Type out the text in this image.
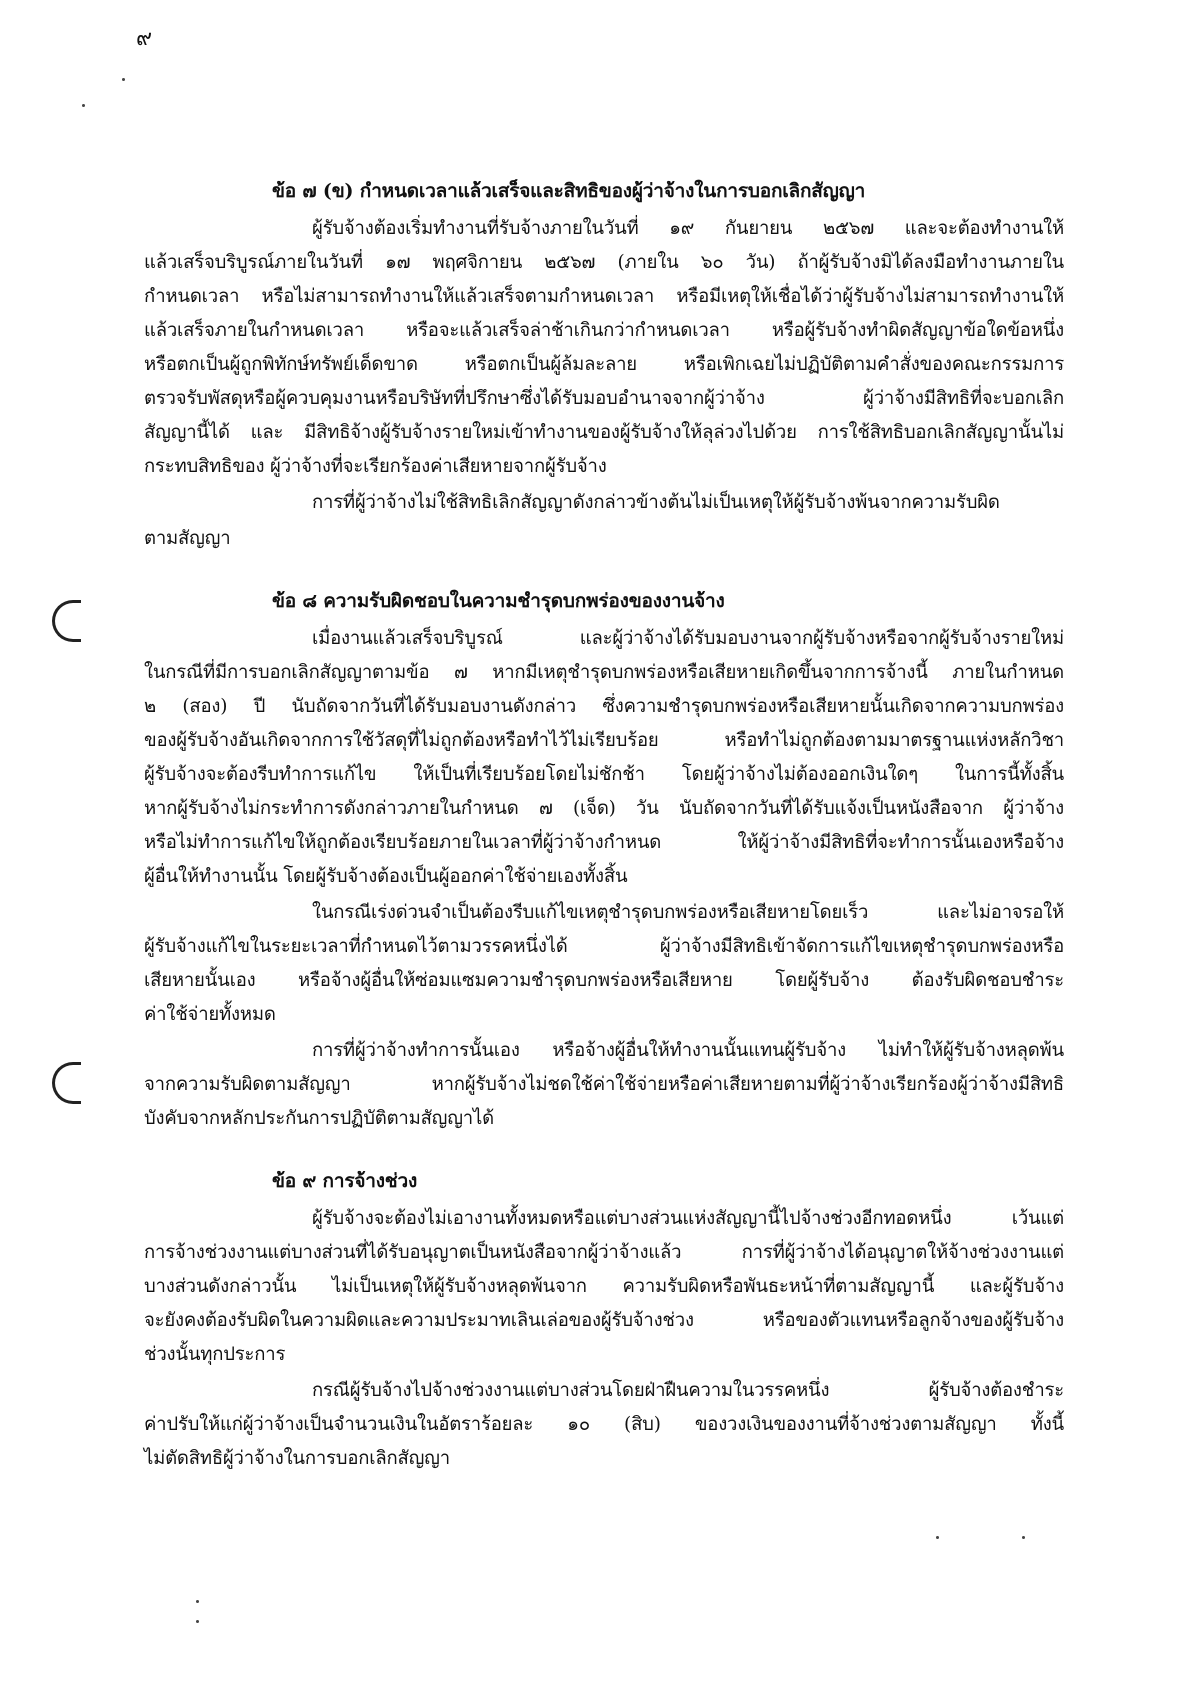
๙
ข้อ ๗ (ข) กำหนดเวลาแล้วเสร็จและสิทธิของผู้ว่าจ้างในการบอกเลิกสัญญา
ผู้รับจ้างต้องเริ่มทำงานที่รับจ้างภายในวันที่ ๑๙ กันยายน ๒๕๖๗ และจะต้องทำงานให้
แล้วเสร็จบริบูรณ์ภายในวันที่ ๑๗ พฤศจิกายน ๒๕๖๗ (ภายใน ๖๐ วัน) ถ้าผู้รับจ้างมิได้ลงมือทำงานภายใน
กำหนดเวลา หรือไม่สามารถทำงานให้แล้วเสร็จตามกำหนดเวลา หรือมีเหตุให้เชื่อได้ว่าผู้รับจ้างไม่สามารถทำงานให้
แล้วเสร็จภายในกำหนดเวลา หรือจะแล้วเสร็จล่าช้าเกินกว่ากำหนดเวลา หรือผู้รับจ้างทำผิดสัญญาข้อใดข้อหนึ่ง
หรือตกเป็นผู้ถูกพิทักษ์ทรัพย์เด็ดขาด หรือตกเป็นผู้ล้มละลาย หรือเพิกเฉยไม่ปฏิบัติตามคำสั่งของคณะกรรมการ
ตรวจรับพัสดุหรือผู้ควบคุมงานหรือบริษัทที่ปรึกษาซึ่งได้รับมอบอำนาจจากผู้ว่าจ้าง ผู้ว่าจ้างมีสิทธิที่จะบอกเลิก
สัญญานี้ได้ และ มีสิทธิจ้างผู้รับจ้างรายใหม่เข้าทำงานของผู้รับจ้างให้ลุล่วงไปด้วย การใช้สิทธิบอกเลิกสัญญานั้นไม่
กระทบสิทธิของ ผู้ว่าจ้างที่จะเรียกร้องค่าเสียหายจากผู้รับจ้าง
การที่ผู้ว่าจ้างไม่ใช้สิทธิเลิกสัญญาดังกล่าวข้างต้นไม่เป็นเหตุให้ผู้รับจ้างพ้นจากความรับผิด
ตามสัญญา
ข้อ ๘ ความรับผิดชอบในความชำรุดบกพร่องของงานจ้าง
เมื่องานแล้วเสร็จบริบูรณ์ และผู้ว่าจ้างได้รับมอบงานจากผู้รับจ้างหรือจากผู้รับจ้างรายใหม่
ในกรณีที่มีการบอกเลิกสัญญาตามข้อ ๗ หากมีเหตุชำรุดบกพร่องหรือเสียหายเกิดขึ้นจากการจ้างนี้ ภายในกำหนด
๒ (สอง) ปี นับถัดจากวันที่ได้รับมอบงานดังกล่าว ซึ่งความชำรุดบกพร่องหรือเสียหายนั้นเกิดจากความบกพร่อง
ของผู้รับจ้างอันเกิดจากการใช้วัสดุที่ไม่ถูกต้องหรือทำไว้ไม่เรียบร้อย หรือทำไม่ถูกต้องตามมาตรฐานแห่งหลักวิชา
ผู้รับจ้างจะต้องรีบทำการแก้ไข ให้เป็นที่เรียบร้อยโดยไม่ชักช้า โดยผู้ว่าจ้างไม่ต้องออกเงินใดๆ ในการนี้ทั้งสิ้น
หากผู้รับจ้างไม่กระทำการดังกล่าวภายในกำหนด ๗ (เจ็ด) วัน นับถัดจากวันที่ได้รับแจ้งเป็นหนังสือจาก ผู้ว่าจ้าง
หรือไม่ทำการแก้ไขให้ถูกต้องเรียบร้อยภายในเวลาที่ผู้ว่าจ้างกำหนด ให้ผู้ว่าจ้างมีสิทธิที่จะทำการนั้นเองหรือจ้าง
ผู้อื่นให้ทำงานนั้น โดยผู้รับจ้างต้องเป็นผู้ออกค่าใช้จ่ายเองทั้งสิ้น
ในกรณีเร่งด่วนจำเป็นต้องรีบแก้ไขเหตุชำรุดบกพร่องหรือเสียหายโดยเร็ว และไม่อาจรอให้
ผู้รับจ้างแก้ไขในระยะเวลาที่กำหนดไว้ตามวรรคหนึ่งได้ ผู้ว่าจ้างมีสิทธิเข้าจัดการแก้ไขเหตุชำรุดบกพร่องหรือ
เสียหายนั้นเอง หรือจ้างผู้อื่นให้ซ่อมแซมความชำรุดบกพร่องหรือเสียหาย โดยผู้รับจ้าง ต้องรับผิดชอบชำระ
ค่าใช้จ่ายทั้งหมด
การที่ผู้ว่าจ้างทำการนั้นเอง หรือจ้างผู้อื่นให้ทำงานนั้นแทนผู้รับจ้าง ไม่ทำให้ผู้รับจ้างหลุดพ้น
จากความรับผิดตามสัญญา หากผู้รับจ้างไม่ชดใช้ค่าใช้จ่ายหรือค่าเสียหายตามที่ผู้ว่าจ้างเรียกร้องผู้ว่าจ้างมีสิทธิ
บังคับจากหลักประกันการปฏิบัติตามสัญญาได้
ข้อ ๙ การจ้างช่วง
ผู้รับจ้างจะต้องไม่เอางานทั้งหมดหรือแต่บางส่วนแห่งสัญญานี้ไปจ้างช่วงอีกทอดหนึ่ง เว้นแต่
การจ้างช่วงงานแต่บางส่วนที่ได้รับอนุญาตเป็นหนังสือจากผู้ว่าจ้างแล้ว การที่ผู้ว่าจ้างได้อนุญาตให้จ้างช่วงงานแต่
บางส่วนดังกล่าวนั้น ไม่เป็นเหตุให้ผู้รับจ้างหลุดพ้นจาก ความรับผิดหรือพันธะหน้าที่ตามสัญญานี้ และผู้รับจ้าง
จะยังคงต้องรับผิดในความผิดและความประมาทเลินเล่อของผู้รับจ้างช่วง หรือของตัวแทนหรือลูกจ้างของผู้รับจ้าง
ช่วงนั้นทุกประการ
กรณีผู้รับจ้างไปจ้างช่วงงานแต่บางส่วนโดยฝ่าฝืนความในวรรคหนึ่ง ผู้รับจ้างต้องชำระ
ค่าปรับให้แก่ผู้ว่าจ้างเป็นจำนวนเงินในอัตราร้อยละ ๑๐ (สิบ) ของวงเงินของงานที่จ้างช่วงตามสัญญา ทั้งนี้
ไม่ตัดสิทธิผู้ว่าจ้างในการบอกเลิกสัญญา
